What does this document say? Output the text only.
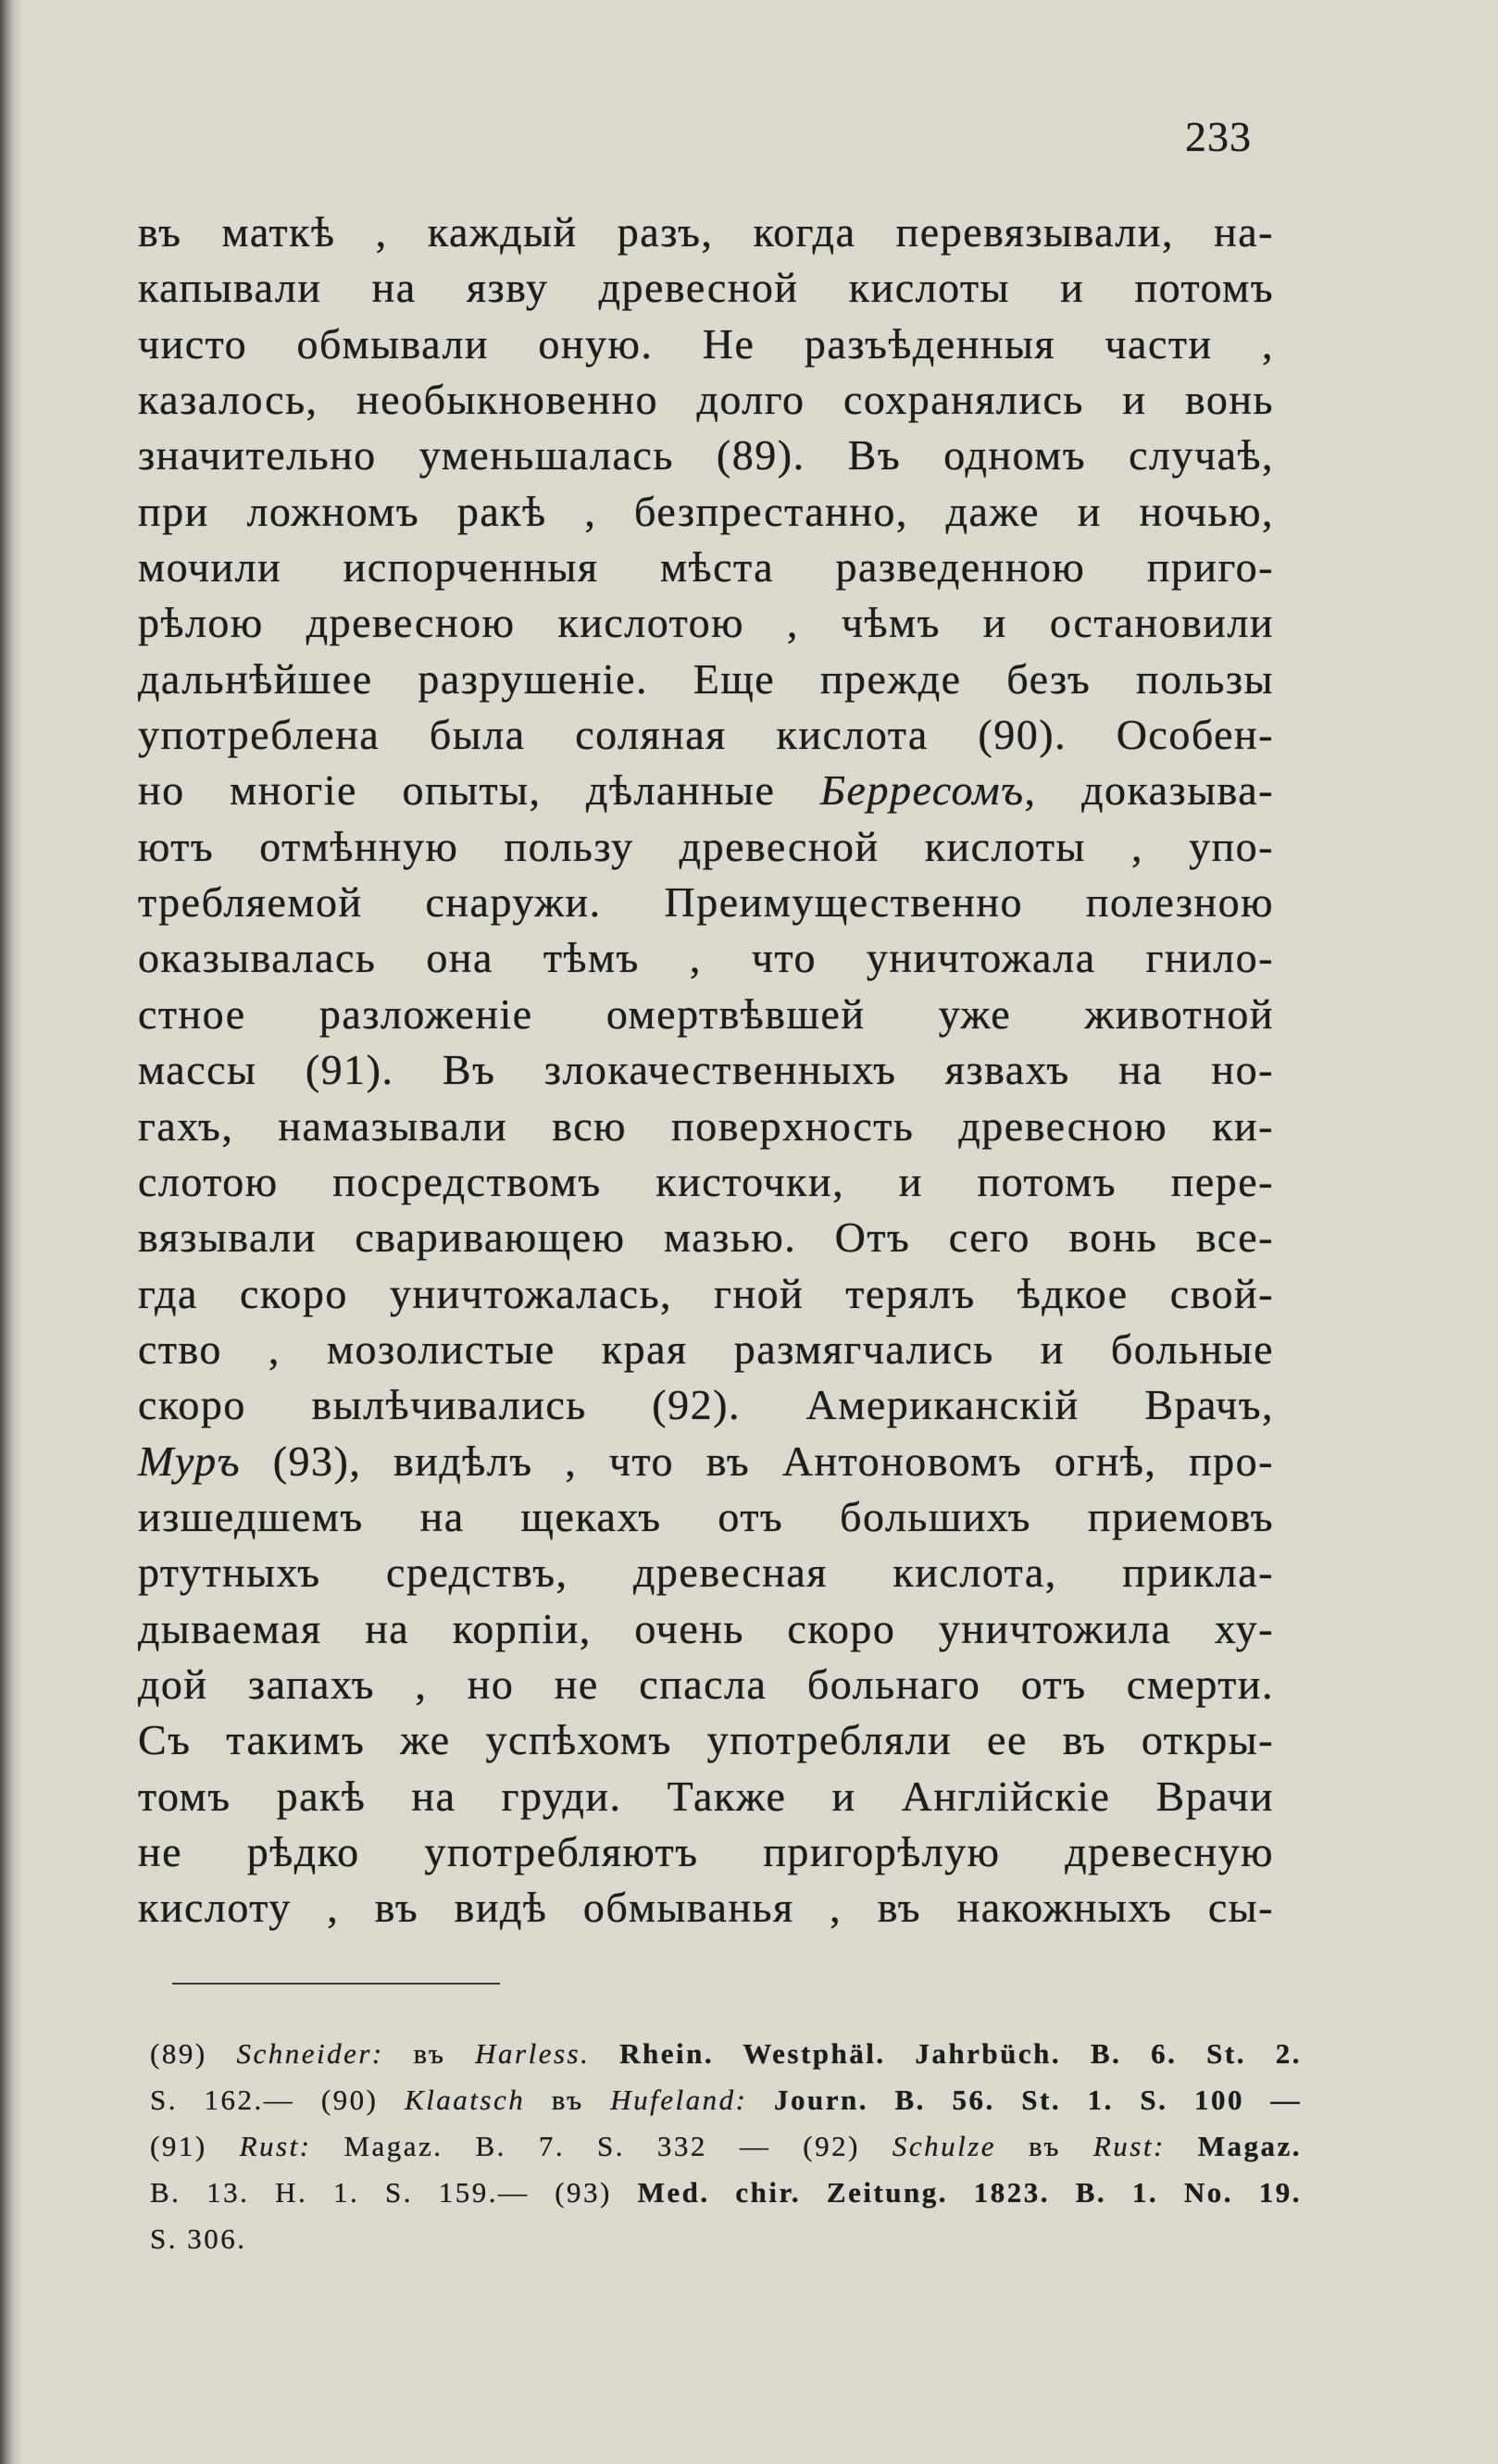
233
въ маткѣ , каждый разъ, когда перевязывали, на-
капывали на язву древесной кислоты и потомъ
чисто обмывали оную. Не разъѣденныя части ,
казалось, необыкновенно долго сохранялись и вонь
значительно уменьшалась (89). Въ одномъ случаѣ,
при ложномъ ракѣ , безпрестанно, даже и ночью,
мочили испорченныя мѣста разведенною приго-
рѣлою древесною кислотою , чѣмъ и остановили
дальнѣйшее разрушеніе. Еще прежде безъ пользы
употреблена была соляная кислота (90). Особен-
но многіе опыты, дѣланные Берресомъ, доказыва-
ютъ отмѣнную пользу древесной кислоты , упо-
требляемой снаружи. Преимущественно полезною
оказывалась она тѣмъ , что уничтожала гнило-
стное разложеніе омертвѣвшей уже животной
массы (91). Въ злокачественныхъ язвахъ на но-
гахъ, намазывали всю поверхность древесною ки-
слотою посредствомъ кисточки, и потомъ пере-
вязывали сваривающею мазью. Отъ сего вонь все-
гда скоро уничтожалась, гной терялъ ѣдкое свой-
ство , мозолистые края размягчались и больные
скоро вылѣчивались (92). Американскій Врачъ,
Муръ (93), видѣлъ , что въ Антоновомъ огнѣ, про-
изшедшемъ на щекахъ отъ большихъ приемовъ
ртутныхъ средствъ, древесная кислота, прикла-
дываемая на корпіи, очень скоро уничтожила ху-
дой запахъ , но не спасла больнаго отъ смерти.
Съ такимъ же успѣхомъ употребляли ее въ откры-
томъ ракѣ на груди. Также и Англійскіе Врачи
не рѣдко употребляютъ пригорѣлую древесную
кислоту , въ видѣ обмыванья , въ накожныхъ сы-
(89) Schneider: въ Harless. Rhein. Westphäl. Jahrbüch. B. 6. St. 2.
S. 162.— (90) Klaatsch въ Hufeland: Journ. B. 56. St. 1. S. 100 —
(91) Rust: Magaz. B. 7. S. 332 — (92) Schulze въ Rust: Magaz.
B. 13. H. 1. S. 159.— (93) Med. chir. Zeitung. 1823. B. 1. No. 19.
S. 306.
